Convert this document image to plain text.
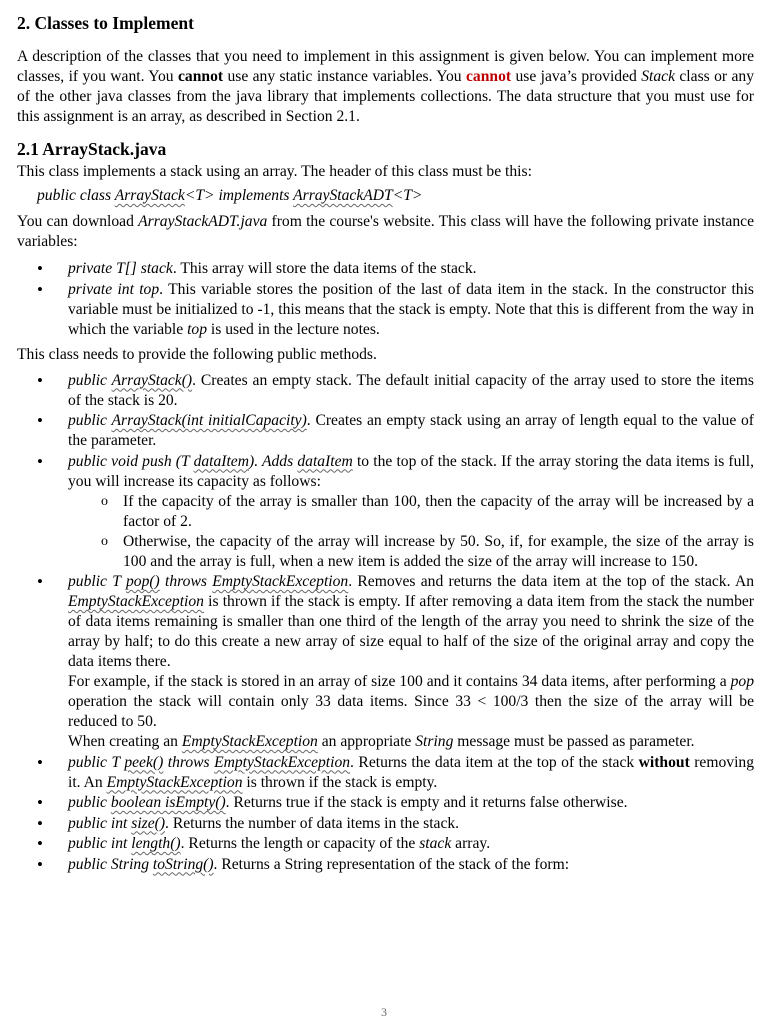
2. Classes to Implement

A description of the classes that you need to implement in this assignment is given below. You can implement more classes, if you want. You cannot use any static instance variables. You cannot use java’s provided Stack class or any of the other java classes from the java library that implements collections. The data structure that you must use for this assignment is an array, as described in Section 2.1.

2.1 ArrayStack.java

This class implements a stack using an array. The header of this class must be this:

public class ArrayStack<T> implements ArrayStackADT<T>

You can download ArrayStackADT.java from the course's website. This class will have the following private instance variables:

• private T[] stack. This array will store the data items of the stack.
• private int top. This variable stores the position of the last of data item in the stack. In the constructor this variable must be initialized to -1, this means that the stack is empty. Note that this is different from the way in which the variable top is used in the lecture notes.

This class needs to provide the following public methods.

• public ArrayStack(). Creates an empty stack. The default initial capacity of the array used to store the items of the stack is 20.
• public ArrayStack(int initialCapacity). Creates an empty stack using an array of length equal to the value of the parameter.
• public void push (T dataItem). Adds dataItem to the top of the stack. If the array storing the data items is full, you will increase its capacity as follows:
o If the capacity of the array is smaller than 100, then the capacity of the array will be increased by a factor of 2.
o Otherwise, the capacity of the array will increase by 50. So, if, for example, the size of the array is 100 and the array is full, when a new item is added the size of the array will increase to 150.
• public T pop() throws EmptyStackException. Removes and returns the data item at the top of the stack. An EmptyStackException is thrown if the stack is empty. If after removing a data item from the stack the number of data items remaining is smaller than one third of the length of the array you need to shrink the size of the array by half; to do this create a new array of size equal to half of the size of the original array and copy the data items there.
For example, if the stack is stored in an array of size 100 and it contains 34 data items, after performing a pop operation the stack will contain only 33 data items. Since 33 < 100/3 then the size of the array will be reduced to 50.
When creating an EmptyStackException an appropriate String message must be passed as parameter.
• public T peek() throws EmptyStackException. Returns the data item at the top of the stack without removing it. An EmptyStackException is thrown if the stack is empty.
• public boolean isEmpty(). Returns true if the stack is empty and it returns false otherwise.
• public int size(). Returns the number of data items in the stack.
• public int length(). Returns the length or capacity of the stack array.
• public String toString(). Returns a String representation of the stack of the form:
3
